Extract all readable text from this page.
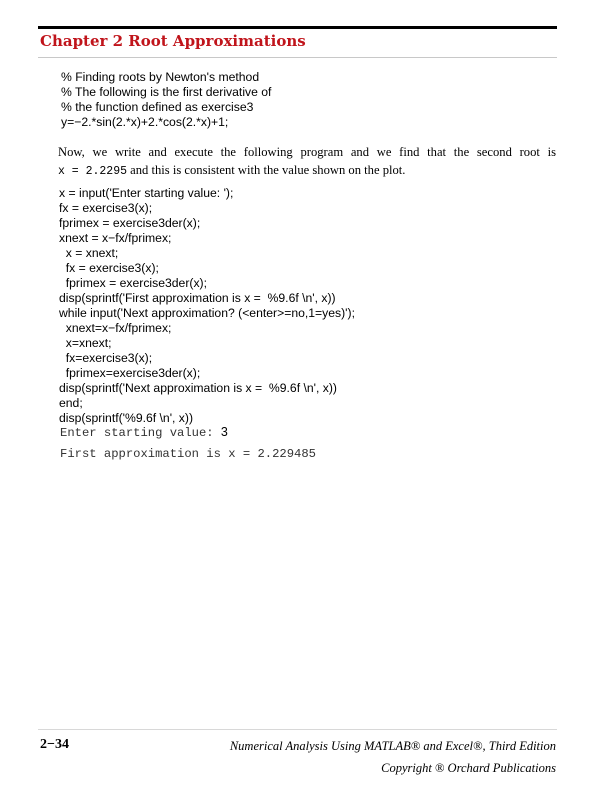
Chapter 2 Root Approximations
% Finding roots by Newton's method
% The following is the first derivative of
% the function defined as exercise3
y=−2.*sin(2.*x)+2.*cos(2.*x)+1;
Now, we write and execute the following program and we find that the second root is
x = 2.2295 and this is consistent with the value shown on the plot.
x = input('Enter starting value: ');
fx = exercise3(x);
fprimex = exercise3der(x);
xnext = x−fx/fprimex;
x = xnext;
fx = exercise3(x);
fprimex = exercise3der(x);
disp(sprintf('First approximation is x =  %9.6f \n', x))
while input('Next approximation? (<enter>=no,1=yes)');
xnext=x−fx/fprimex;
x=xnext;
fx=exercise3(x);
fprimex=exercise3der(x);
disp(sprintf('Next approximation is x =  %9.6f \n', x))
end;
disp(sprintf('%9.6f \n', x))
Enter starting value: 3
First approximation is x = 2.229485
2−34	Numerical Analysis Using MATLAB® and Excel®, Third Edition
Copyright ® Orchard Publications
